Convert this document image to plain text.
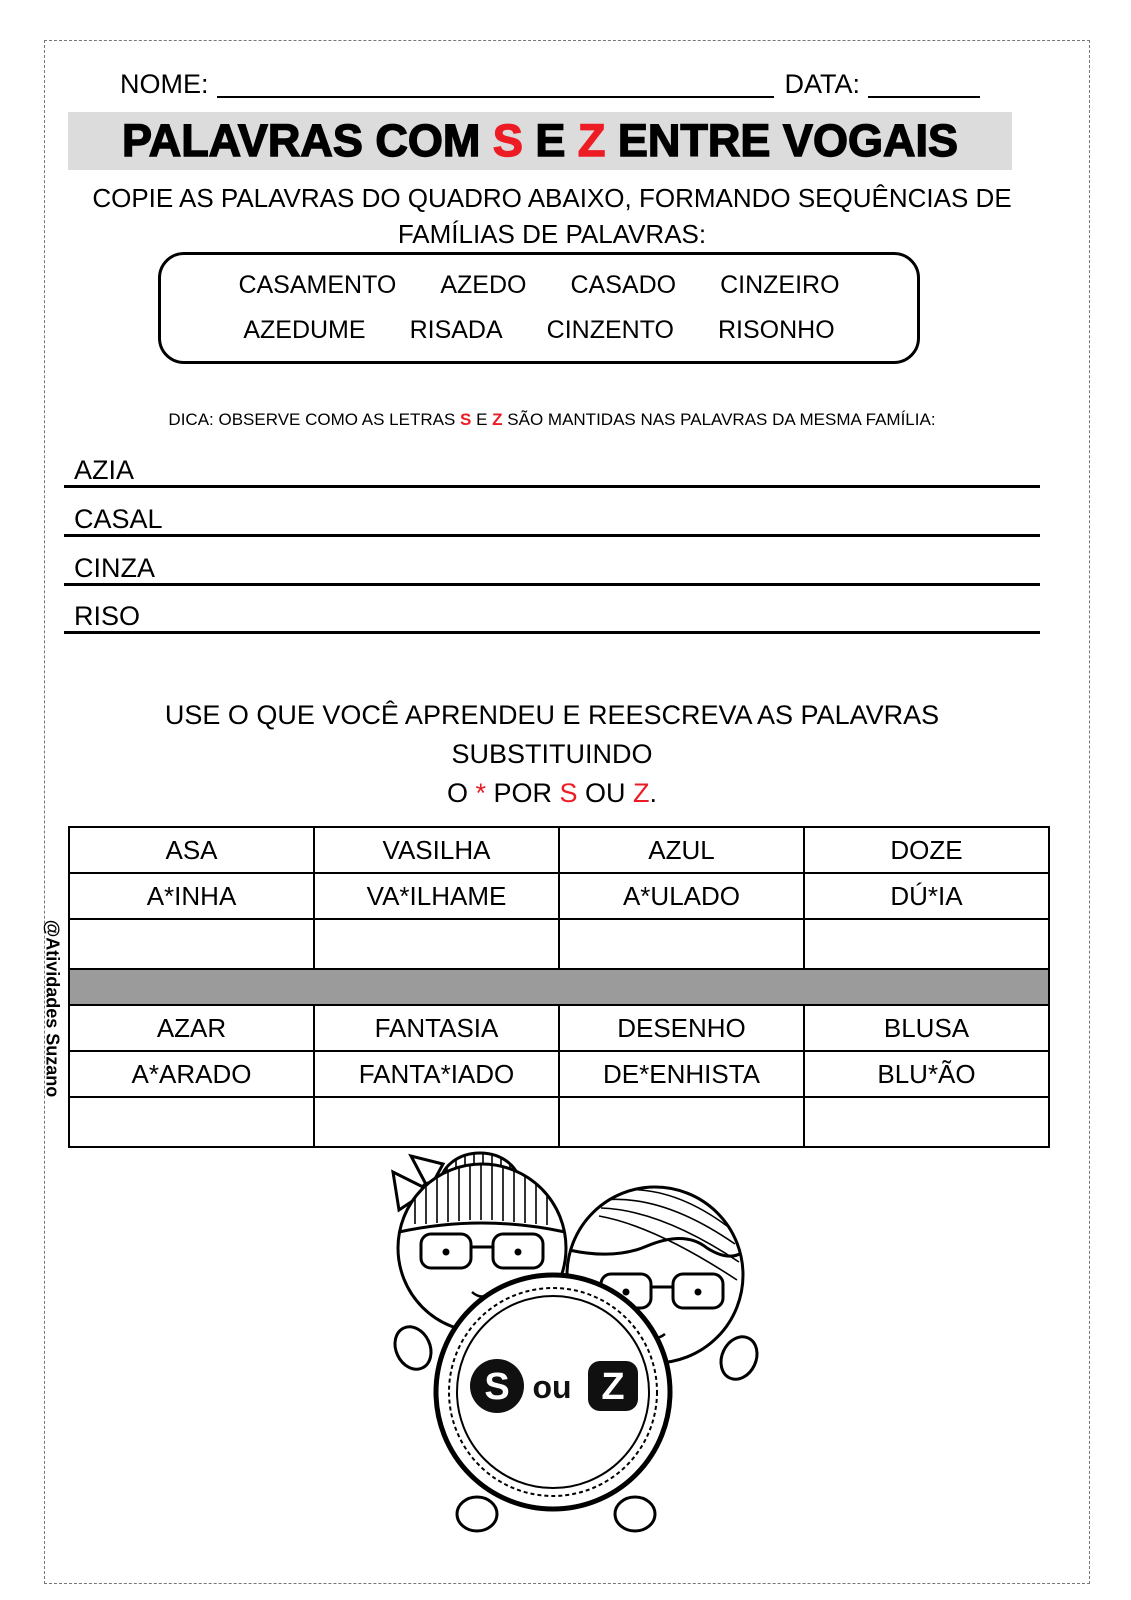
NOME:	DATA:
PALAVRAS COM S E Z ENTRE VOGAIS
COPIE AS PALAVRAS DO QUADRO ABAIXO, FORMANDO SEQUÊNCIAS DE
FAMÍLIAS DE PALAVRAS:
CASAMENTO AZEDO CASADO CINZEIRO
AZEDUME RISADA CINZENTO RISONHO
DICA: OBSERVE COMO AS LETRAS S E Z SÃO MANTIDAS NAS PALAVRAS DA MESMA FAMÍLIA:
AZIA
CASAL
CINZA
RISO
USE O QUE VOCÊ APRENDEU E REESCREVA AS PALAVRAS SUBSTITUINDO
O * POR S OU Z.
ASA	VASILHA	AZUL	DOZE
A*INHA	VA*ILHAME	A*ULADO	DÚ*IA

AZAR	FANTASIA	DESENHO	BLUSA
A*ARADO	FANTA*IADO	DE*ENHISTA	BLU*ÃO

@Atividades Suzano
S ou Z
